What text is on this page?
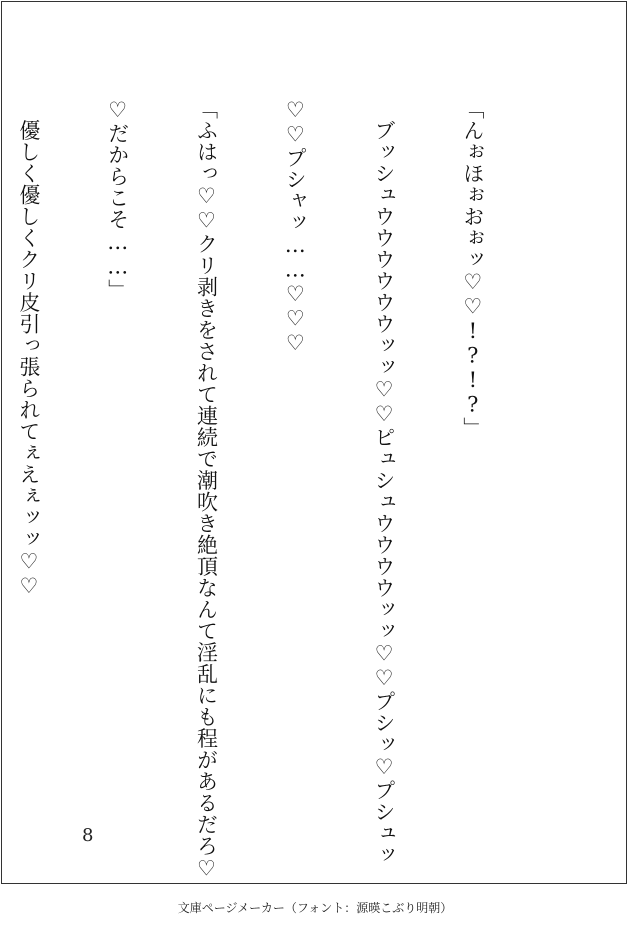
「んぉほぉおぉッ♡♡!?!?」

　ブッシュウウウウウウッッ♡♡ピュシュウウウウッッ♡♡プシッ♡プシュッ

♡♡プシャッ……♡♡♡

「ふはっ♡♡クリ剥きをされて連続で潮吹き絶頂なんて淫乱にも程があるだろ♡

♡だからこそ……」

　優しく優しくクリ皮引っ張られてぇえぇッッ♡♡

8
文庫ページメーカー（フォント：源暎こぶり明朝）
